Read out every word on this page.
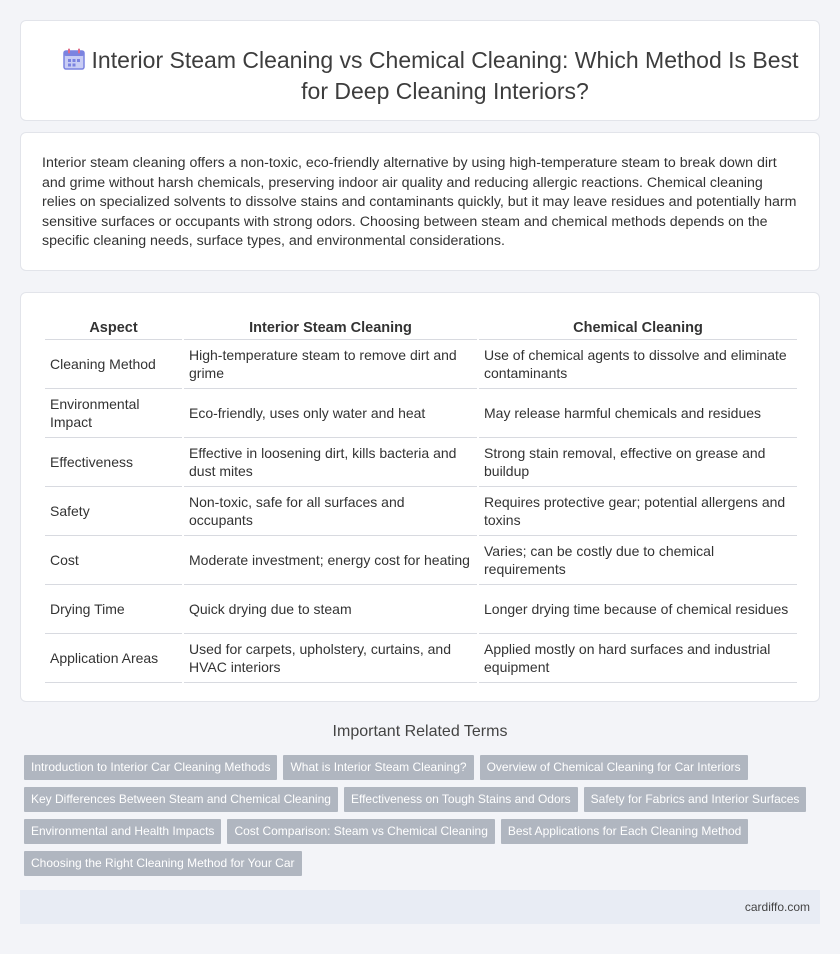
Interior Steam Cleaning vs Chemical Cleaning: Which Method Is Best for Deep Cleaning Interiors?

Interior steam cleaning offers a non-toxic, eco-friendly alternative by using high-temperature steam to break down dirt and grime without harsh chemicals, preserving indoor air quality and reducing allergic reactions. Chemical cleaning relies on specialized solvents to dissolve stains and contaminants quickly, but it may leave residues and potentially harm sensitive surfaces or occupants with strong odors. Choosing between steam and chemical methods depends on the specific cleaning needs, surface types, and environmental considerations.

Aspect	Interior Steam Cleaning	Chemical Cleaning
Cleaning Method	High-temperature steam to remove dirt and grime	Use of chemical agents to dissolve and eliminate contaminants
Environmental Impact	Eco-friendly, uses only water and heat	May release harmful chemicals and residues
Effectiveness	Effective in loosening dirt, kills bacteria and dust mites	Strong stain removal, effective on grease and buildup
Safety	Non-toxic, safe for all surfaces and occupants	Requires protective gear; potential allergens and toxins
Cost	Moderate investment; energy cost for heating	Varies; can be costly due to chemical requirements
Drying Time	Quick drying due to steam	Longer drying time because of chemical residues
Application Areas	Used for carpets, upholstery, curtains, and HVAC interiors	Applied mostly on hard surfaces and industrial equipment
Important Related Terms
Introduction to Interior Car Cleaning Methods What is Interior Steam Cleaning? Overview of Chemical Cleaning for Car Interiors
Key Differences Between Steam and Chemical Cleaning Effectiveness on Tough Stains and Odors Safety for Fabrics and Interior Surfaces
Environmental and Health Impacts Cost Comparison: Steam vs Chemical Cleaning Best Applications for Each Cleaning Method
Choosing the Right Cleaning Method for Your Car
cardiffo.com
